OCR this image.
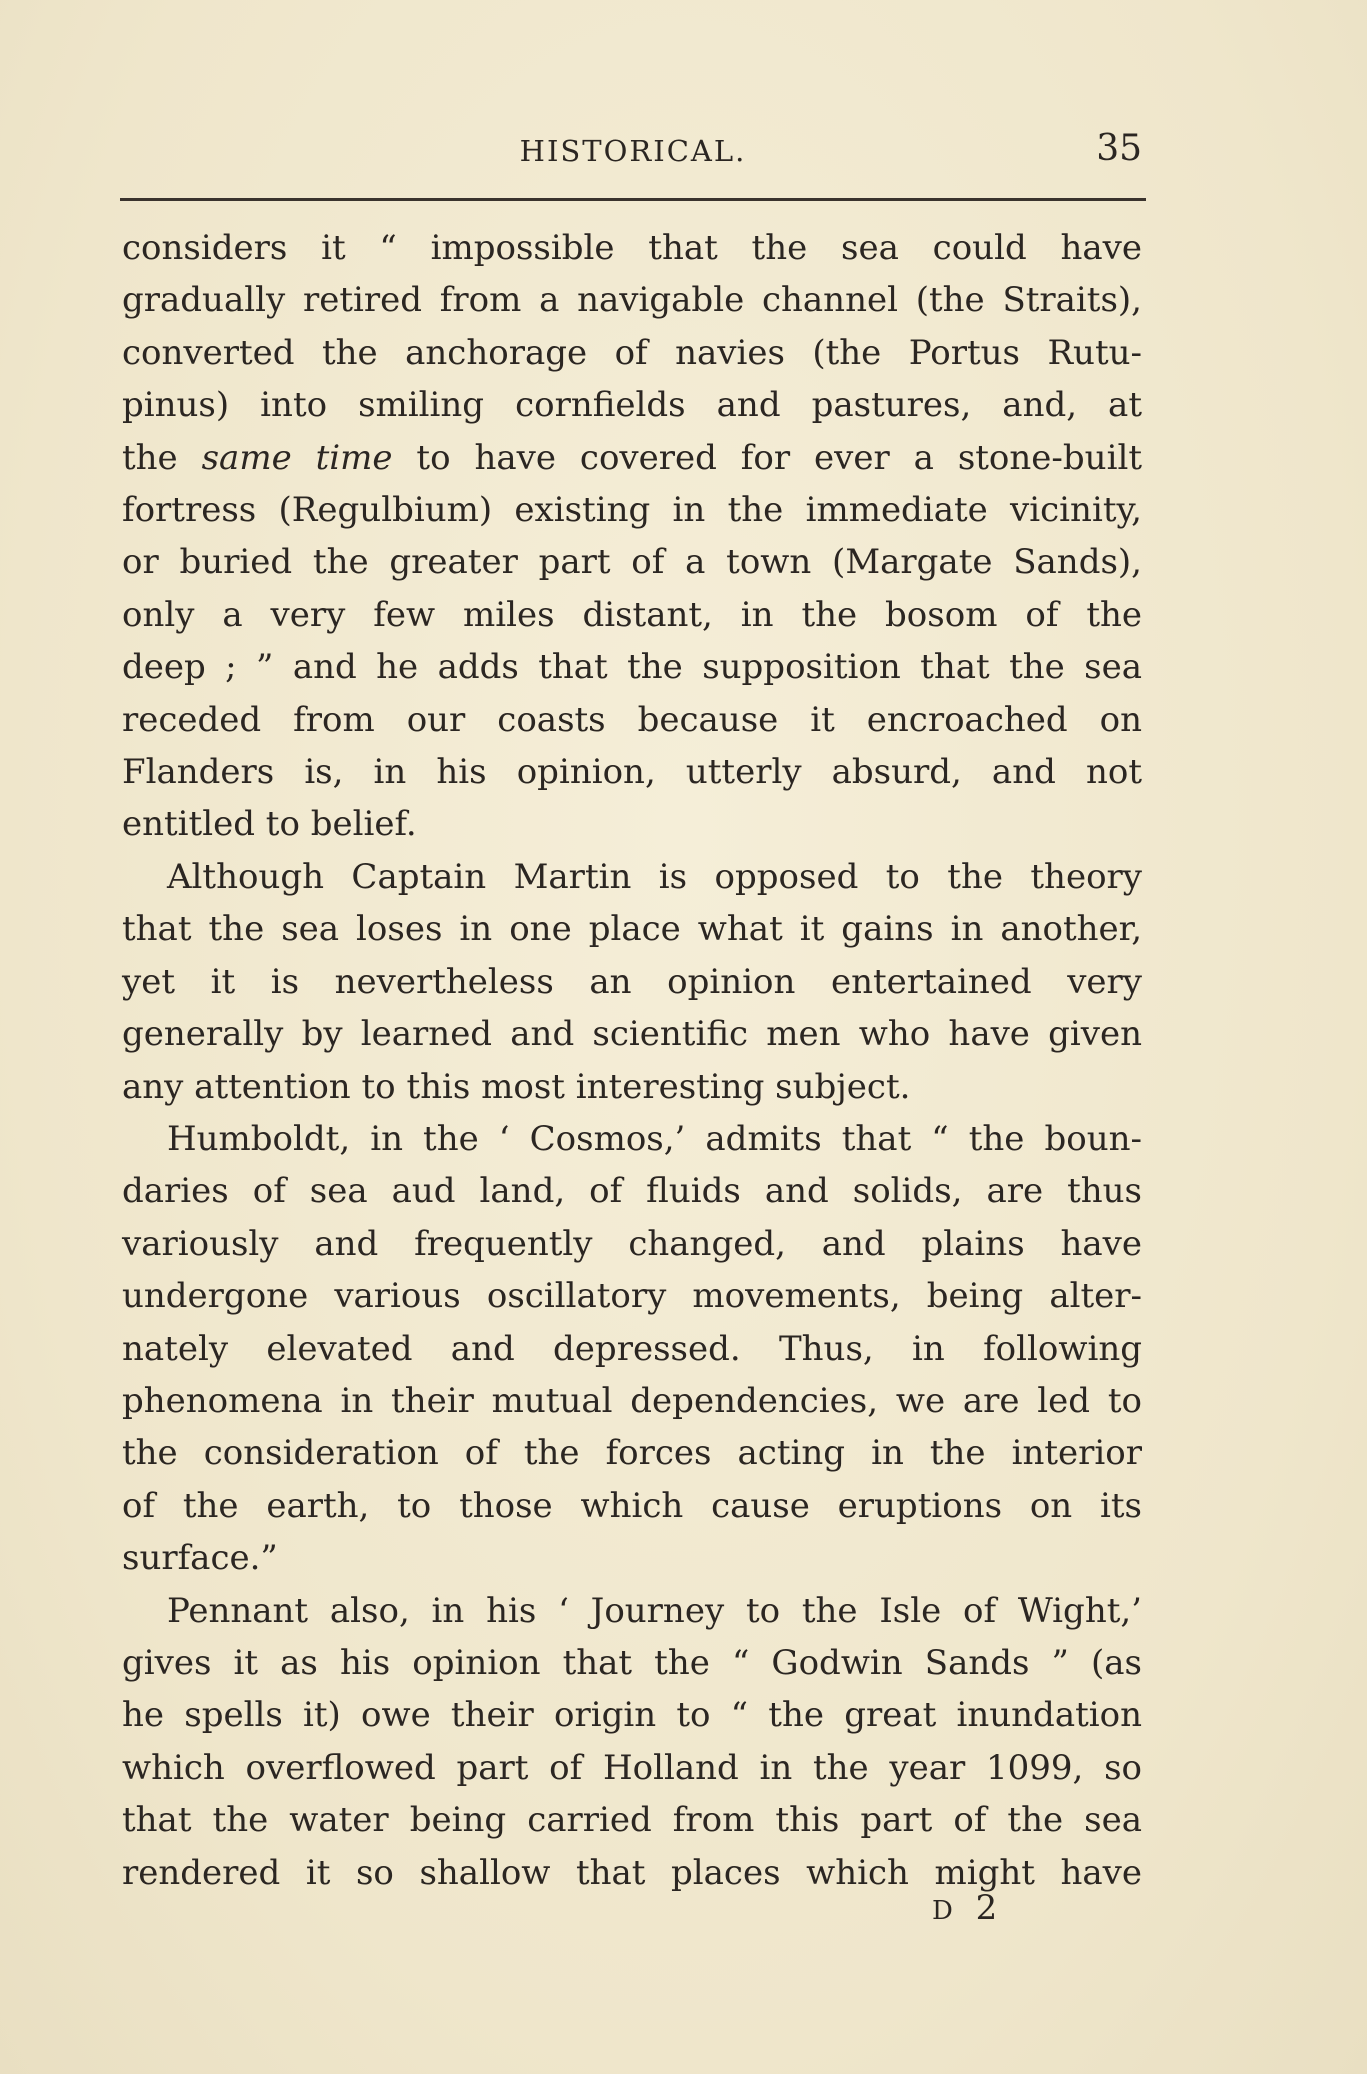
HISTORICAL.	35
considers it “ impossible that the sea could have
gradually retired from a navigable channel (the Straits),
converted the anchorage of navies (the Portus Rutu-
pinus) into smiling cornfields and pastures, and, at
the same time to have covered for ever a stone-built
fortress (Regulbium) existing in the immediate vicinity,
or buried the greater part of a town (Margate Sands),
only a very few miles distant, in the bosom of the
deep ; ” and he adds that the supposition that the sea
receded from our coasts because it encroached on
Flanders is, in his opinion, utterly absurd, and not
entitled to belief.
Although Captain Martin is opposed to the theory
that the sea loses in one place what it gains in another,
yet it is nevertheless an opinion entertained very
generally by learned and scientific men who have given
any attention to this most interesting subject.
Humboldt, in the ‘ Cosmos,’ admits that “ the boun-
daries of sea aud land, of fluids and solids, are thus
variously and frequently changed, and plains have
undergone various oscillatory movements, being alter-
nately elevated and depressed. Thus, in following
phenomena in their mutual dependencies, we are led to
the consideration of the forces acting in the interior
of the earth, to those which cause eruptions on its
surface.”
Pennant also, in his ‘ Journey to the Isle of Wight,’
gives it as his opinion that the “ Godwin Sands ” (as
he spells it) owe their origin to “ the great inundation
which overflowed part of Holland in the year 1099, so
that the water being carried from this part of the sea
rendered it so shallow that places which might have
D 2
